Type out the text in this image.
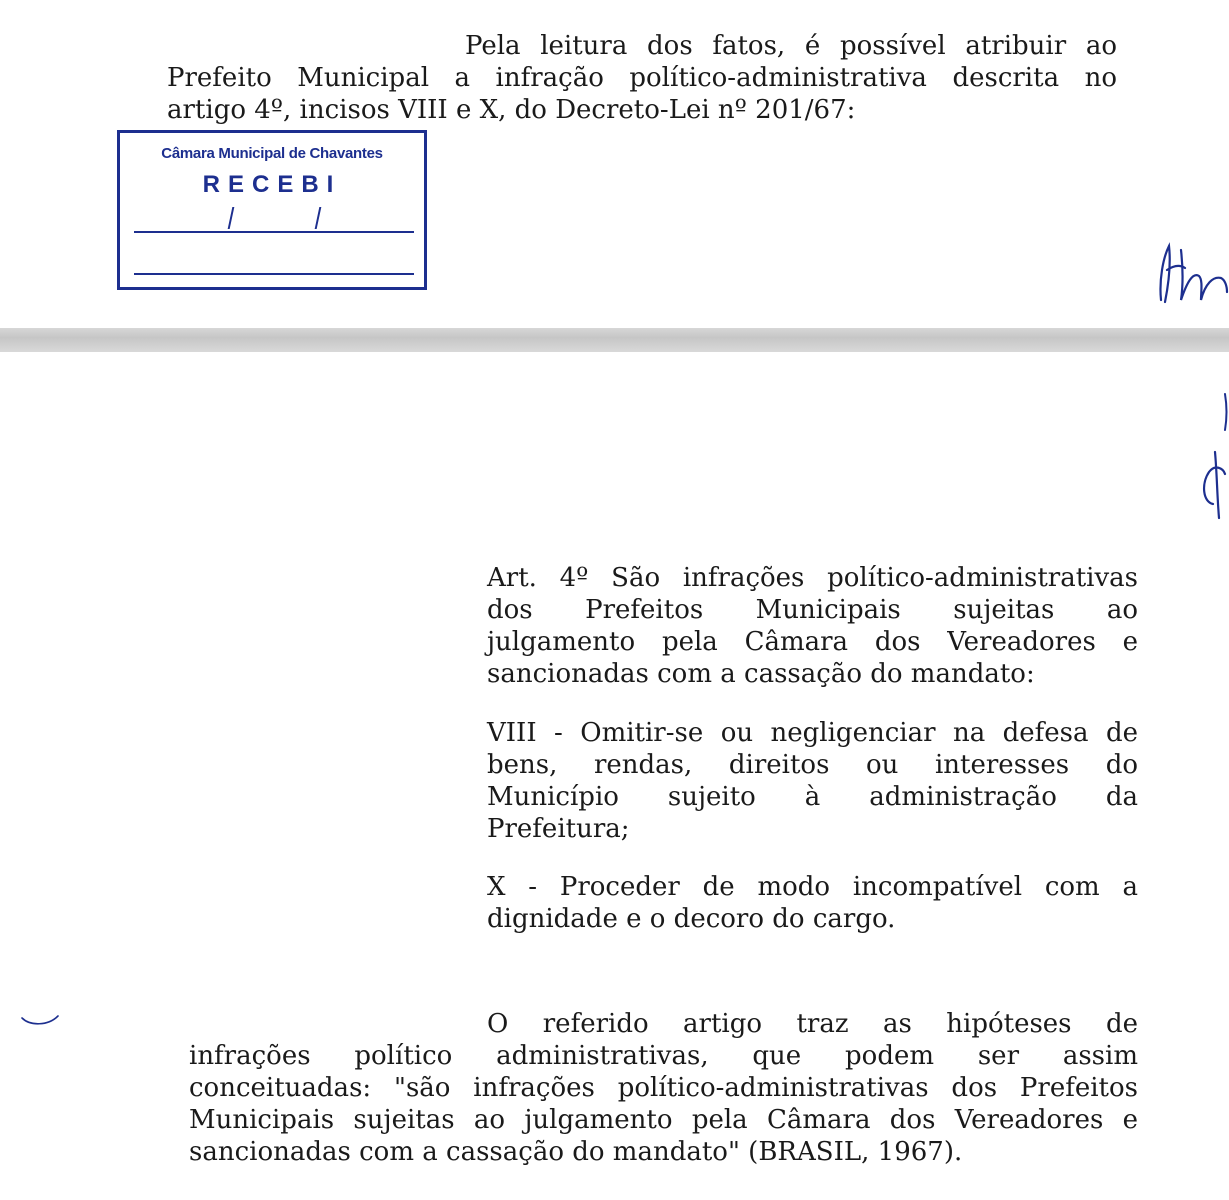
Pela leitura dos fatos, é possível atribuir ao
Prefeito Municipal a infração político-administrativa descrita no
artigo 4º, incisos VIII e X, do Decreto-Lei nº 201/67:
Câmara Municipal de Chavantes
RECEBI
Art. 4º São infrações político-administrativas
dos Prefeitos Municipais sujeitas ao
julgamento pela Câmara dos Vereadores e
sancionadas com a cassação do mandato:
VIII - Omitir-se ou negligenciar na defesa de
bens, rendas, direitos ou interesses do
Município sujeito à administração da
Prefeitura;
X - Proceder de modo incompatível com a
dignidade e o decoro do cargo.
O referido artigo traz as hipóteses de
infrações político administrativas, que podem ser assim
conceituadas: "são infrações político-administrativas dos Prefeitos
Municipais sujeitas ao julgamento pela Câmara dos Vereadores e
sancionadas com a cassação do mandato" (BRASIL, 1967).
